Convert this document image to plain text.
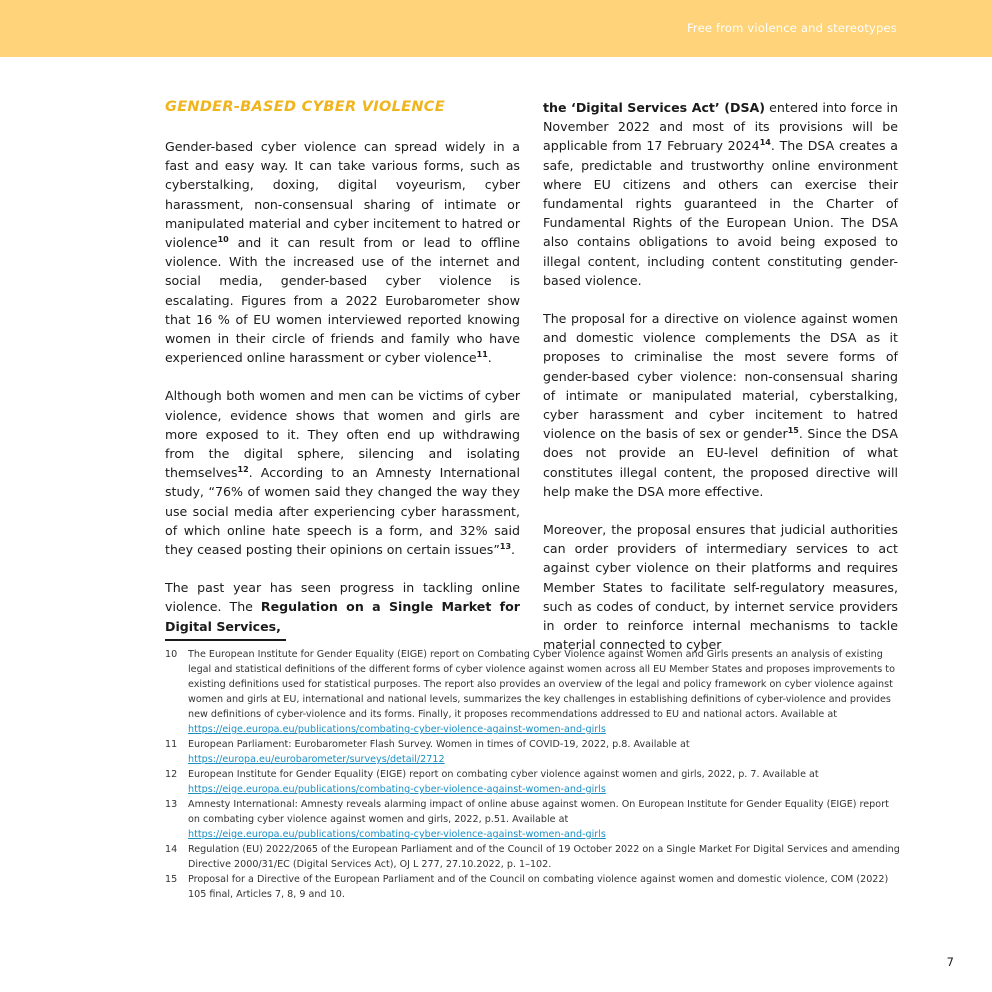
Free from violence and stereotypes
GENDER-BASED CYBER VIOLENCE

Gender-based cyber violence can spread widely in a fast and easy way. It can take various forms, such as cyberstalking, doxing, digital voyeurism, cyber harassment, non-consensual sharing of intimate or manipulated material and cyber incitement to hatred or violence$^{10}$ and it can result from or lead to offline violence. With the increased use of the internet and social media, gender-based cyber violence is escalating. Figures from a 2022 Eurobarometer show that 16 % of EU women interviewed reported knowing women in their circle of friends and family who have experienced online harassment or cyber violence$^{11}$.

Although both women and men can be victims of cyber violence, evidence shows that women and girls are more exposed to it. They often end up withdrawing from the digital sphere, silencing and isolating themselves$^{12}$. According to an Amnesty International study, “76% of women said they changed the way they use social media after experiencing cyber harassment, of which online hate speech is a form, and 32% said they ceased posting their opinions on certain issues”$^{13}$.

The past year has seen progress in tackling online violence. The Regulation on a Single Market for Digital Services,

the ‘Digital Services Act’ (DSA) entered into force in November 2022 and most of its provisions will be applicable from 17 February 2024$^{14}$. The DSA creates a safe, predictable and trustworthy online environment where EU citizens and others can exercise their fundamental rights guaranteed in the Charter of Fundamental Rights of the European Union. The DSA also contains obligations to avoid being exposed to illegal content, including content constituting gender-based violence.

The proposal for a directive on violence against women and domestic violence complements the DSA as it proposes to criminalise the most severe forms of gender-based cyber violence: non-consensual sharing of intimate or manipulated material, cyberstalking, cyber harassment and cyber incitement to hatred violence on the basis of sex or gender$^{15}$. Since the DSA does not provide an EU-level definition of what constitutes illegal content, the proposed directive will help make the DSA more effective.

Moreover, the proposal ensures that judicial authorities can order providers of intermediary services to act against cyber violence on their platforms and requires Member States to facilitate self-regulatory measures, such as codes of conduct, by internet service providers in order to reinforce internal mechanisms to tackle material connected to cyber

10	The European Institute for Gender Equality (EIGE) report on Combating Cyber Violence against Women and Girls presents an analysis of existing legal and statistical definitions of the different forms of cyber violence against women across all EU Member States and proposes improvements to existing definitions used for statistical purposes. The report also provides an overview of the legal and policy framework on cyber violence against women and girls at EU, international and national levels, summarizes the key challenges in establishing definitions of cyber-violence and provides new definitions of cyber-violence and its forms. Finally, it proposes recommendations addressed to EU and national actors. Available at
https://eige.europa.eu/publications/combating-cyber-violence-against-women-and-girls
11	European Parliament: Eurobarometer Flash Survey. Women in times of COVID-19, 2022, p.8. Available at
https://europa.eu/eurobarometer/surveys/detail/2712
12	European Institute for Gender Equality (EIGE) report on combating cyber violence against women and girls, 2022, p. 7. Available at
https://eige.europa.eu/publications/combating-cyber-violence-against-women-and-girls
13	Amnesty International: Amnesty reveals alarming impact of online abuse against women. On European Institute for Gender Equality (EIGE) report on combating cyber violence against women and girls, 2022, p.51. Available at
https://eige.europa.eu/publications/combating-cyber-violence-against-women-and-girls
14	Regulation (EU) 2022/2065 of the European Parliament and of the Council of 19 October 2022 on a Single Market For Digital Services and amending Directive 2000/31/EC (Digital Services Act), OJ L 277, 27.10.2022, p. 1–102.
15	Proposal for a Directive of the European Parliament and of the Council on combating violence against women and domestic violence, COM (2022) 105 final, Articles 7, 8, 9 and 10.
7
